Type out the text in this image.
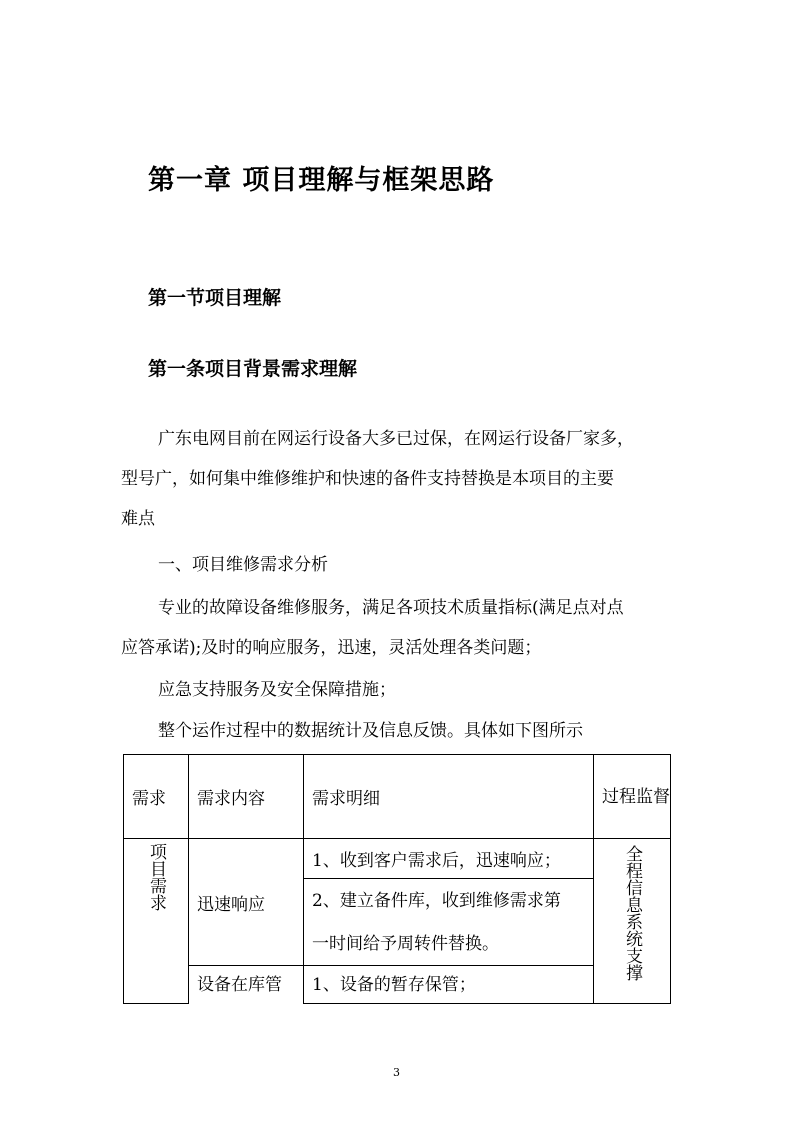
第一章 项目理解与框架思路
第一节项目理解
第一条项目背景需求理解
广东电网目前在网运行设备大多已过保，在网运行设备厂家多，
型号广，如何集中维修维护和快速的备件支持替换是本项目的主要
难点
一、项目维修需求分析
专业的故障设备维修服务，满足各项技术质量指标(满足点对点
应答承诺);及时的响应服务，迅速，灵活处理各类问题；
应急支持服务及安全保障措施；
整个运作过程中的数据统计及信息反馈。具体如下图所示
需求	需求内容	需求明细	过程监督
项目需求	迅速响应	1、收到客户需求后，迅速响应；	全程信息系统支撑
		2、建立备件库，收到维修需求第	
		一时间给予周转件替换。	
	设备在库管	1、设备的暂存保管；	
3
